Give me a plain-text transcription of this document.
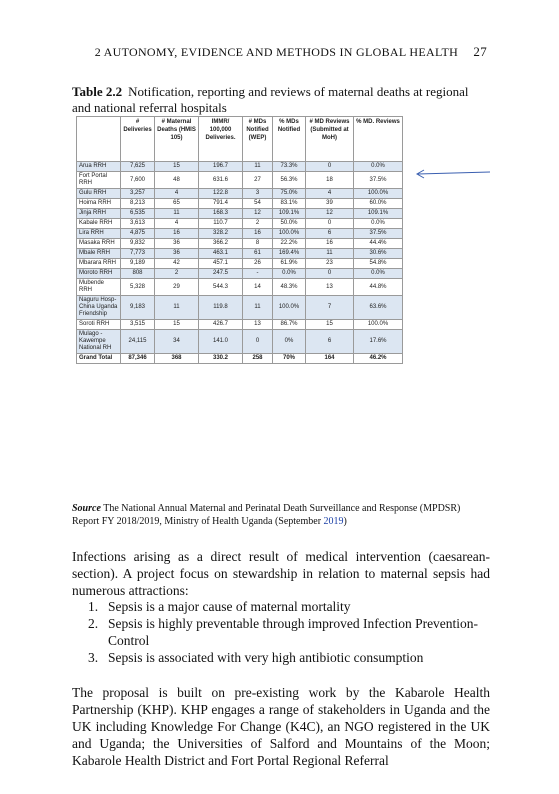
2 AUTONOMY, EVIDENCE AND METHODS IN GLOBAL HEALTH 27
Table 2.2 Notification, reporting and reviews of maternal deaths at regional and national referral hospitals
	# Deliveries	# Maternal Deaths (HMIS 105)	IMMR/ 100,000 Deliveries.	# MDs Notified (WEP)	% MDs Notified	# MD Reviews (Submitted at MoH)	% MD. Reviews
Arua RRH	7,625	15	196.7	11	73.3%	0	0.0%
Fort Portal RRH	7,600	48	631.6	27	56.3%	18	37.5%
Gulu RRH	3,257	4	122.8	3	75.0%	4	100.0%
Hoima RRH	8,213	65	791.4	54	83.1%	39	60.0%
Jinja RRH	6,535	11	168.3	12	109.1%	12	109.1%
Kabale RRH	3,613	4	110.7	2	50.0%	0	0.0%
Lira RRH	4,875	16	328.2	16	100.0%	6	37.5%
Masaka RRH	9,832	36	366.2	8	22.2%	16	44.4%
Mbale RRH	7,773	36	463.1	61	169.4%	11	30.6%
Mbarara RRH	9,189	42	457.1	26	61.9%	23	54.8%
Moroto RRH	808	2	247.5	-	0.0%	0	0.0%
Mubende RRH	5,328	29	544.3	14	48.3%	13	44.8%
Naguru Hosp-China Uganda Friendship	9,183	11	119.8	11	100.0%	7	63.6%
Soroti RRH	3,515	15	426.7	13	86.7%	15	100.0%
Mulago - Kawempe National RH	24,115	34	141.0	0	0%	6	17.6%
Grand Total	87,346	368	330.2	258	70%	164	46.2%
Source The National Annual Maternal and Perinatal Death Surveillance and Response (MPDSR) Report FY 2018/2019, Ministry of Health Uganda (September 2019)
Infections arising as a direct result of medical intervention (caesarean-section). A project focus on stewardship in relation to maternal sepsis had numerous attractions:
1. Sepsis is a major cause of maternal mortality
2. Sepsis is highly preventable through improved Infection Prevention-Control
3. Sepsis is associated with very high antibiotic consumption
The proposal is built on pre-existing work by the Kabarole Health Partnership (KHP). KHP engages a range of stakeholders in Uganda and the UK including Knowledge For Change (K4C), an NGO registered in the UK and Uganda; the Universities of Salford and Mountains of the Moon; Kabarole Health District and Fort Portal Regional Referral
